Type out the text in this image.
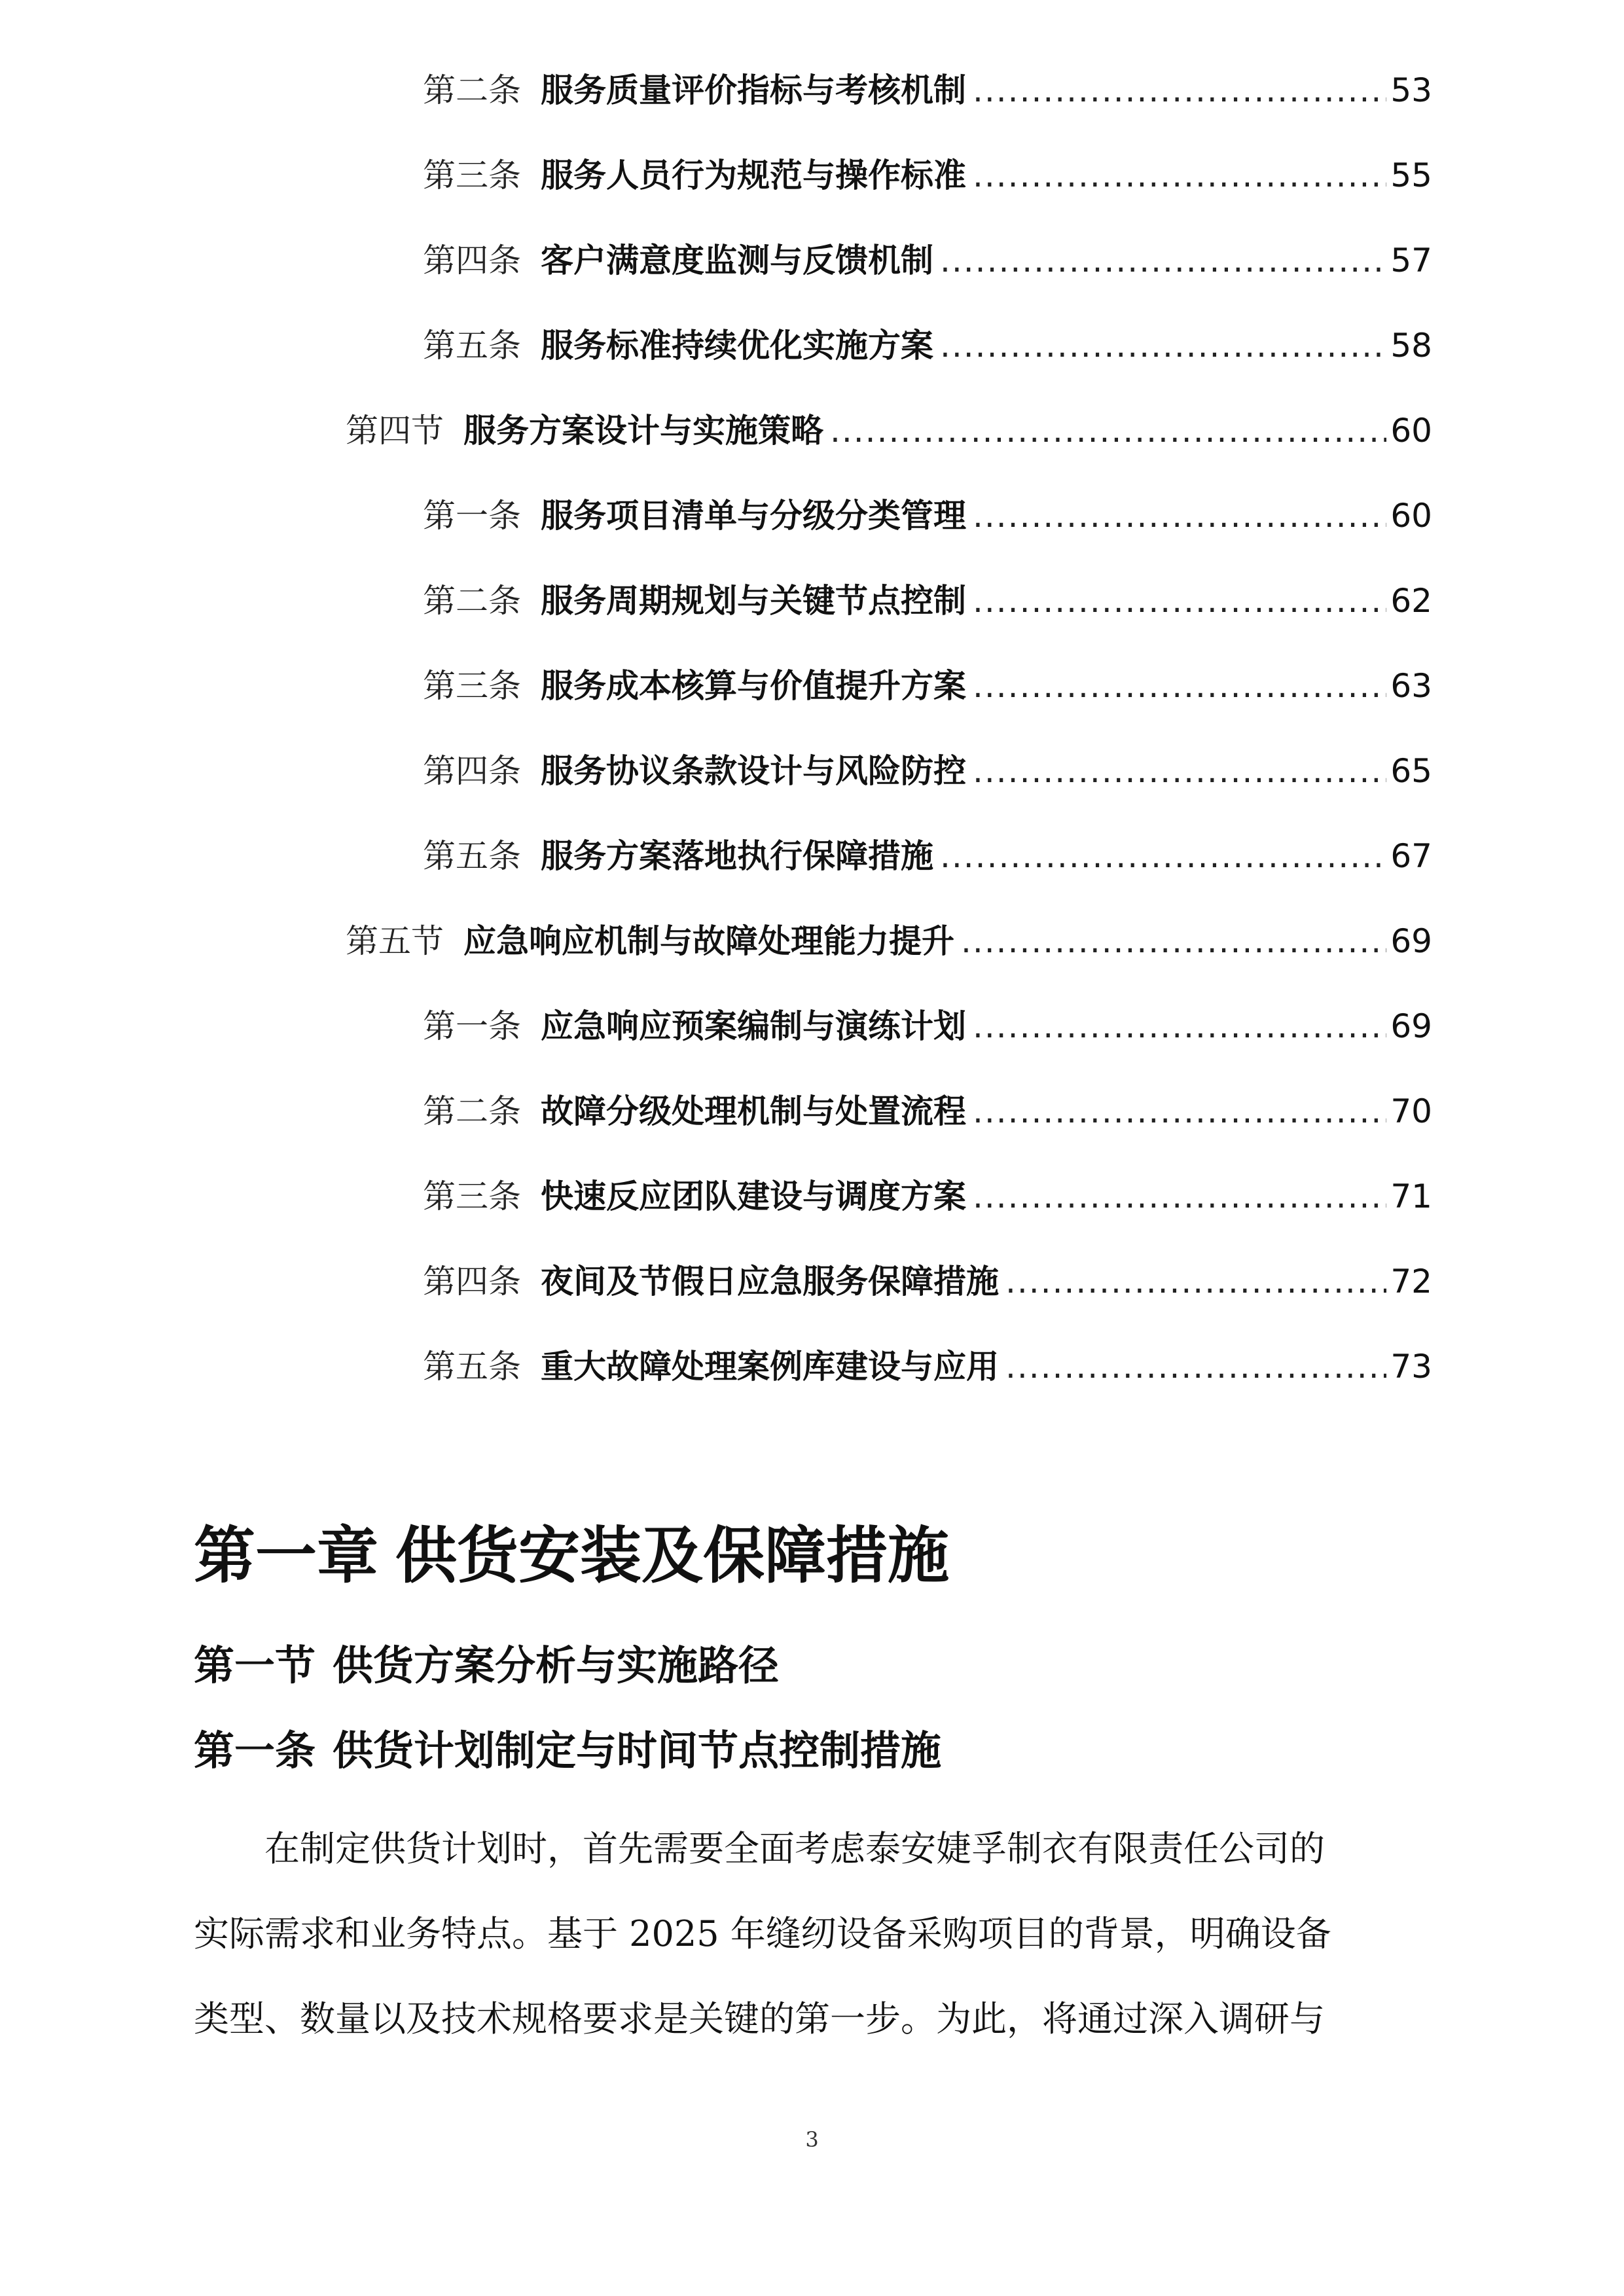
第二条 服务质量评价指标与考核机制 .....	53
第三条 服务人员行为规范与操作标准 .....	55
第四条 客户满意度监测与反馈机制 .....	57
第五条 服务标准持续优化实施方案 .....	58
第四节 服务方案设计与实施策略 .....	60
第一条 服务项目清单与分级分类管理 .....	60
第二条 服务周期规划与关键节点控制 .....	62
第三条 服务成本核算与价值提升方案 .....	63
第四条 服务协议条款设计与风险防控 .....	65
第五条 服务方案落地执行保障措施 .....	67
第五节 应急响应机制与故障处理能力提升 .....	69
第一条 应急响应预案编制与演练计划 .....	69
第二条 故障分级处理机制与处置流程 .....	70
第三条 快速反应团队建设与调度方案 .....	71
第四条 夜间及节假日应急服务保障措施 .....	72
第五条 重大故障处理案例库建设与应用 .....	73
第一章 供货安装及保障措施
第一节 供货方案分析与实施路径
第一条 供货计划制定与时间节点控制措施
在制定供货计划时，首先需要全面考虑泰安婕孚制衣有限责任公司的
实际需求和业务特点。基于 2025 年缝纫设备采购项目的背景，明确设备
类型、数量以及技术规格要求是关键的第一步。为此，将通过深入调研与
3
